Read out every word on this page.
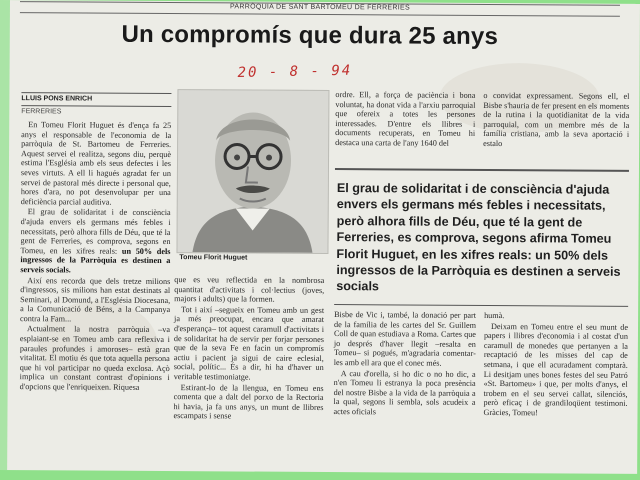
PARRÒQUIA DE SANT BARTOMEU DE FERRERIES
Un compromís que dura 25 anys
20 - 8 - 94
LLUIS PONS ENRICH
FERRERIES

En Tomeu Florit Huguet és d'ença fa 25 anys el responsable de l'economia de la parròquia de St. Bartomeu de Ferreries. Aquest servei el realitza, segons diu, perquè estima l'Església amb els seus defectes i les seves virtuts. A ell li hagués agradat fer un servei de pastoral més directe i personal que, hores d'ara, no pot desenvolupar per una deficiència parcial auditiva.

El grau de solidaritat i de consciència d'ajuda envers els germans més febles i necessitats, però alhora fills de Déu, que té la gent de Ferreries, es comprova, segons en Tomeu, en les xifres reals: un 50% dels ingressos de la Parròquia es destinen a serveis socials.

Així ens recorda que dels tretze milions d'ingressos, sis milions han estat destinats al Seminari, al Domund, a l'Església Diocesana, a la Comunicació de Béns, a la Campanya contra la Fam...

Actualment la nostra parròquia –va esplaiant-se en Tomeu amb cara reflexiva i paraules profundes i amoroses– està gran vitalitat. El motiu és que tota aquella persona que hi vol participar no queda exclosa. Açò implica un constant contrast d'opinions i d'opcions que l'enriqueixen. Riquesa

Tomeu Florit Huguet

que es veu reflectida en la nombrosa quantitat d'activitats i col·lectius (joves, majors i adults) que la formen.

Tot i així –segueix en Tomeu amb un gest ja més preocupat, encara que amarat d'esperança– tot aquest caramull d'activitats i de solidaritat ha de servir per forjar persones que de la seva Fe en facin un compromís actiu i pacient ja sigui de caire eclesial, social, polític... És a dir, hi ha d'haver un veritable testimoniatge.

Estirant-lo de la llengua, en Tomeu ens comenta que a dalt del porxo de la Rectoria hi havia, ja fa uns anys, un munt de llibres escampats i sense

ordre. Ell, a força de paciència i bona voluntat, ha donat vida a l'arxiu parroquial que ofereix a totes les persones interessades. D'entre els llibres i documents recuperats, en Tomeu hi destaca una carta de l'any 1640 del

o convidat expressament. Segons ell, el Bisbe s'hauria de fer present en els moments de la rutina i la quotidianitat de la vida parroquial, com un membre més de la família cristiana, amb la seva aportació i estalo

El grau de solidaritat i de consciència d'ajuda envers els germans més febles i necessitats, però alhora fills de Déu, que té la gent de Ferreries, es comprova, segons afirma Tomeu Florit Huguet, en les xifres reals: un 50% dels ingressos de la Parròquia es destinen a serveis socials

Bisbe de Vic i, també, la donació per part de la família de les cartes del Sr. Guillem Coll de quan estudiava a Roma. Cartes que jo després d'haver llegit –resalta en Tomeu– si pogués, m'agradaria comentar-les amb ell ara que el conec més.

A cau d'orella, si ho dic o no ho dic, a n'en Tomeu li estranya la poca presència del nostre Bisbe a la vida de la parròquia a la qual, segons li sembla, sols acudeix a actes oficials

humà.

Deixam en Tomeu entre el seu munt de papers i llibres d'economia i al costat d'un caramull de monedes que pertanyen a la recaptació de les misses del cap de setmana, i que ell acuradament comptarà. Li desitjam unes bones festes del seu Patró «St. Bartomeu» i que, per molts d'anys, el trobem en el seu servei callat, silenciós, però eficaç i de grandiloqüent testimoni. Gràcies, Tomeu!
